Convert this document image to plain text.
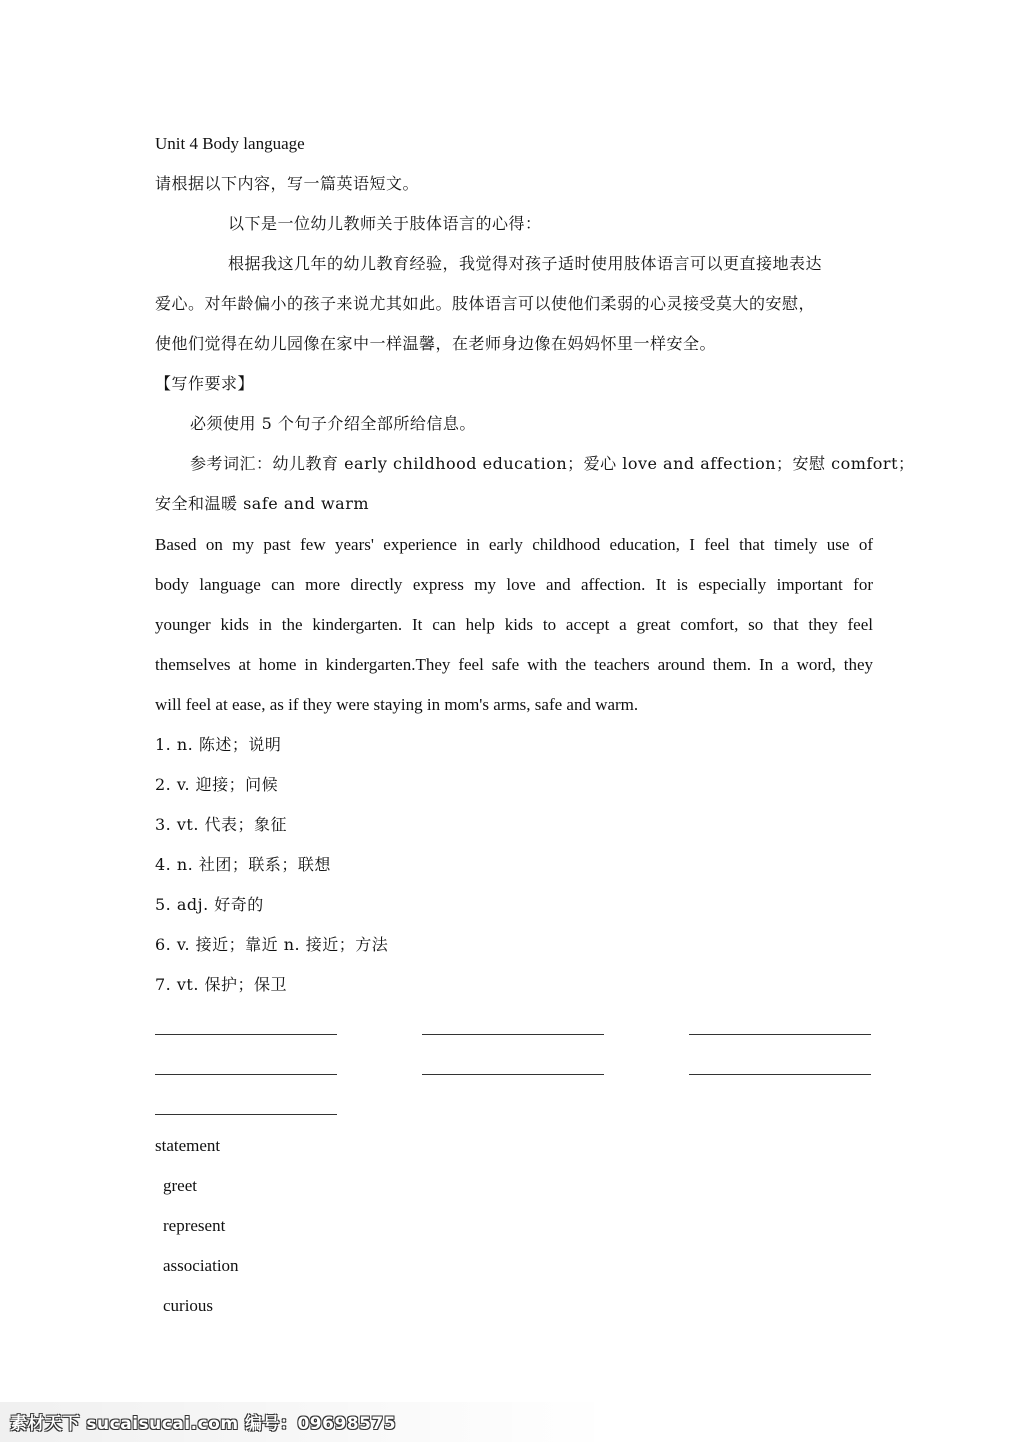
Unit 4 Body language
请根据以下内容，写一篇英语短文。
以下是一位幼儿教师关于肢体语言的心得：
根据我这几年的幼儿教育经验，我觉得对孩子适时使用肢体语言可以更直接地表达
爱心。对年龄偏小的孩子来说尤其如此。肢体语言可以使他们柔弱的心灵接受莫大的安慰，
使他们觉得在幼儿园像在家中一样温馨，在老师身边像在妈妈怀里一样安全。
【写作要求】
必须使用 5 个句子介绍全部所给信息。
参考词汇：幼儿教育 early childhood education；爱心 love and affection；安慰 comfort；
安全和温暖 safe and warm
Based on my past few years' experience in early childhood education, I feel that timely use of
body language can more directly express my love and affection. It is especially important for
younger kids in the kindergarten. It can help kids to accept a great comfort, so that they feel
themselves at home in kindergarten.They feel safe with the teachers around them. In a word, they
will feel at ease, as if they were staying in mom's arms, safe and warm.
1. n. 陈述；说明
2. v. 迎接；问候
3. vt. 代表；象征
4. n. 社团；联系；联想
5. adj. 好奇的
6. v. 接近；靠近 n. 接近；方法
7. vt. 保护；保卫
statement
greet
represent
association
curious
素材天下 sucaisucai.com 编号：09698575
